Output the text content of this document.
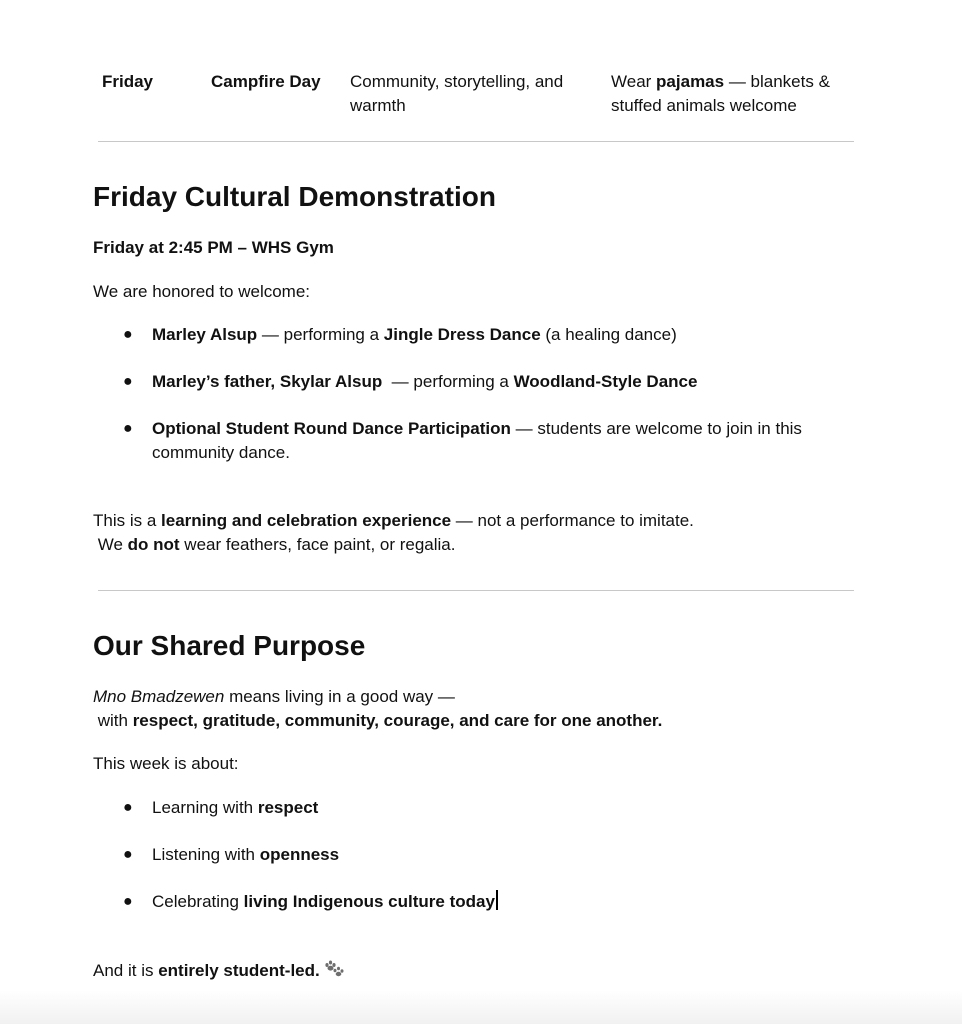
Friday	Campfire Day Community, storytelling, and warmth
Wear pajamas — blankets & stuffed animals welcome
Friday Cultural Demonstration

Friday at 2:45 PM – WHS Gym

We are honored to welcome:

● Marley Alsup — performing a Jingle Dress Dance (a healing dance)
● Marley’s father, Skylar Alsup  — performing a Woodland-Style Dance
● Optional Student Round Dance Participation — students are welcome to join in this community dance.

This is a learning and celebration experience — not a performance to imitate.
We do not wear feathers, face paint, or regalia.

Our Shared Purpose

Mno Bmadzewen means living in a good way —
with respect, gratitude, community, courage, and care for one another.

This week is about:

● Learning with respect
● Listening with openness
● Celebrating living Indigenous culture today

And it is entirely student-led.
